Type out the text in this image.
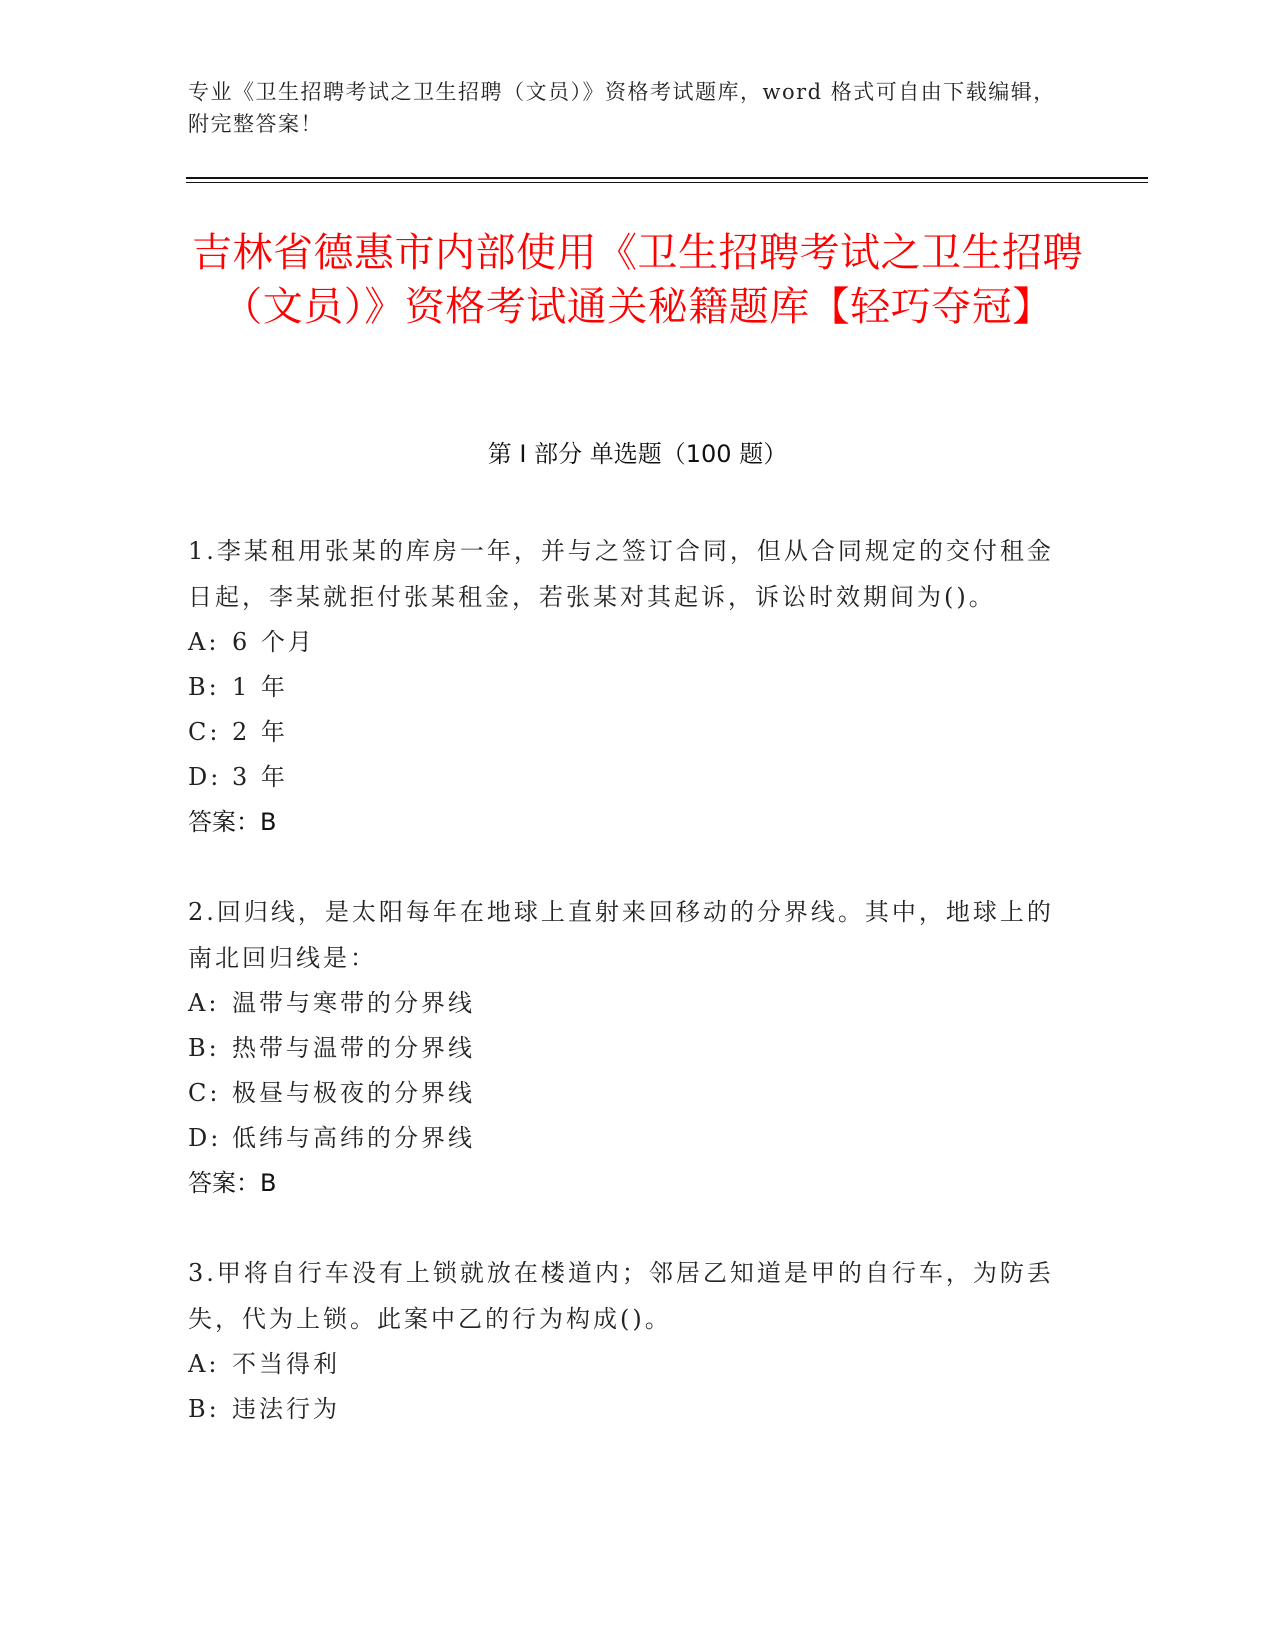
专业《卫生招聘考试之卫生招聘（文员）》资格考试题库，word 格式可自由下载编辑，附完整答案！
吉林省德惠市内部使用《卫生招聘考试之卫生招聘（文员）》资格考试通关秘籍题库【轻巧夺冠】
第 I 部分 单选题（100 题）

1.李某租用张某的库房一年，并与之签订合同，但从合同规定的交付租金日起，李某就拒付张某租金，若张某对其起诉，诉讼时效期间为()。

A: 6 个月

B: 1 年

C: 2 年

D: 3 年

答案：B

2.回归线，是太阳每年在地球上直射来回移动的分界线。其中，地球上的南北回归线是：

A: 温带与寒带的分界线

B: 热带与温带的分界线

C: 极昼与极夜的分界线

D: 低纬与高纬的分界线

答案：B

3.甲将自行车没有上锁就放在楼道内；邻居乙知道是甲的自行车，为防丢失，代为上锁。此案中乙的行为构成()。

A: 不当得利

B: 违法行为
